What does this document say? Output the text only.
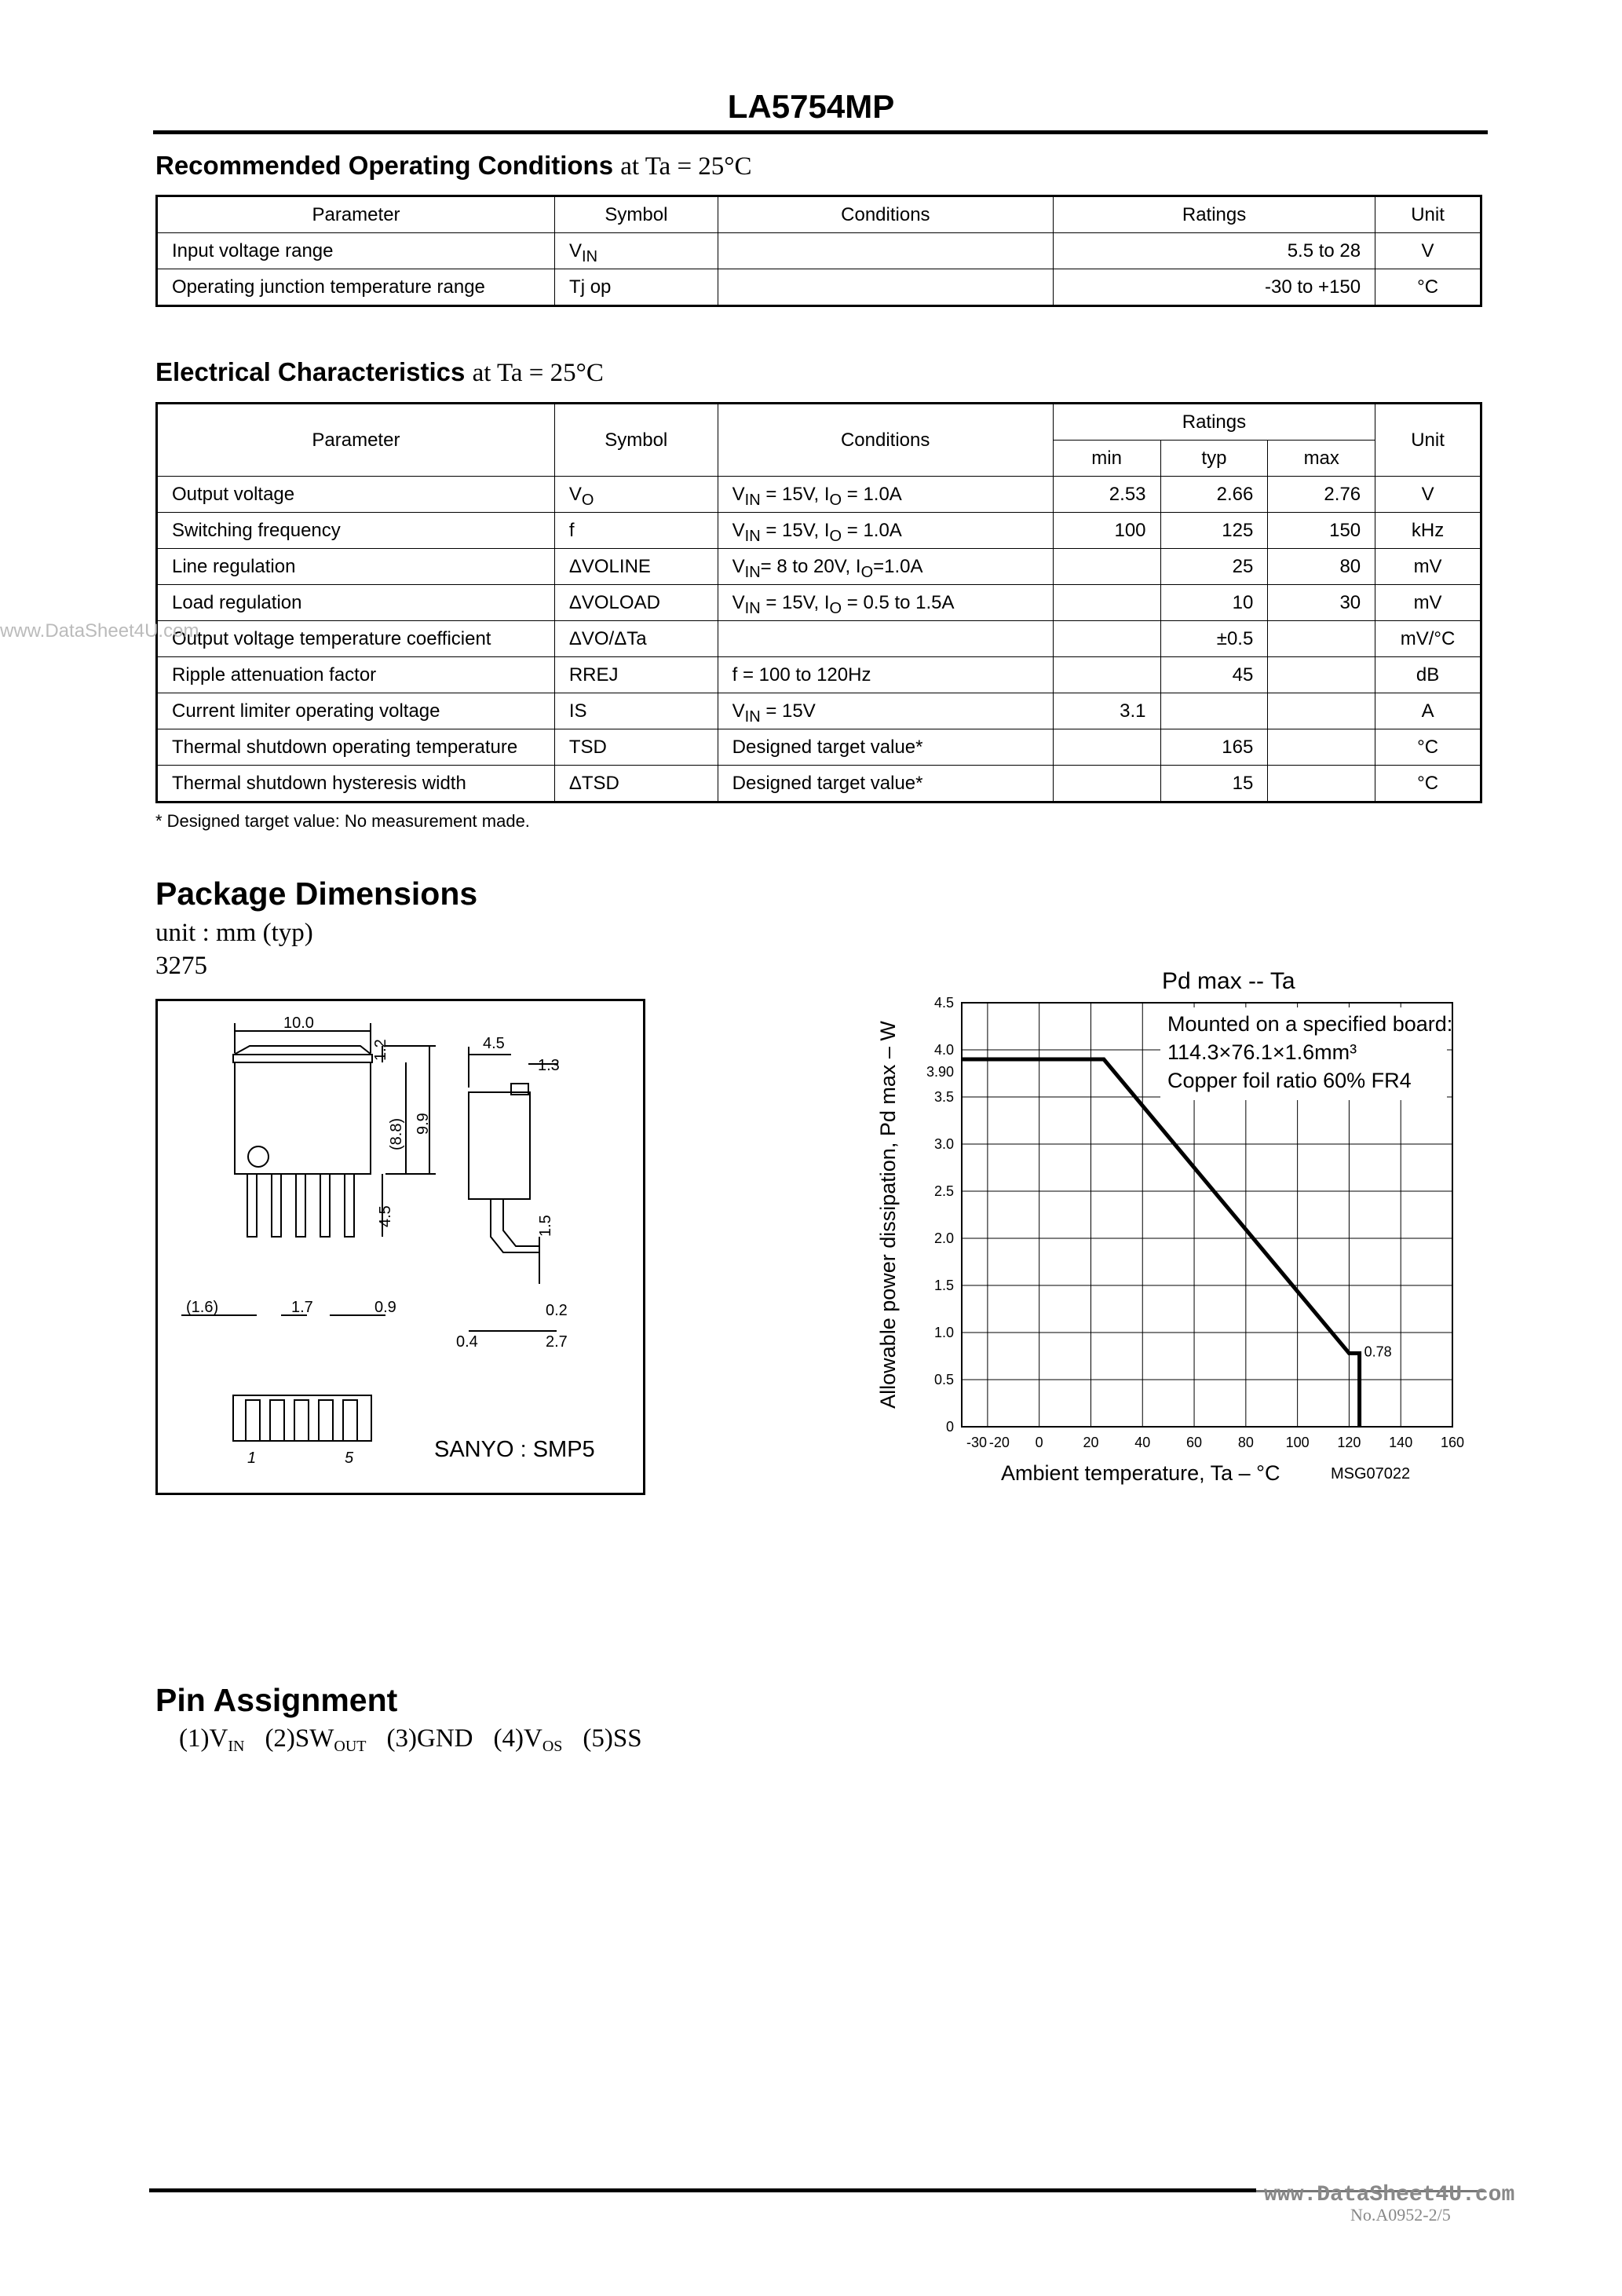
LA5754MP
Recommended Operating Conditions at Ta = 25°C
Parameter	Symbol	Conditions	Ratings	Unit
Input voltage range	$V_{IN}$		5.5 to 28	V
Operating junction temperature range	Tj op		-30 to +150	°C
Electrical Characteristics at Ta = 25°C
Parameter	Symbol	Conditions	Ratings			Unit
			min	typ	max	
Output voltage	$V_O$	$V_{IN} = 15V$, $I_O = 1.0A$	2.53	2.66	2.76	V
Switching frequency	f	$V_{IN} = 15V$, $I_O = 1.0A$	100	125	150	kHz
Line regulation	ΔVOLINE	$V_{IN}= 8$ to 20V, $I_O=1.0A$		25	80	mV
Load regulation	ΔVOLOAD	$V_{IN} = 15V$, $I_O = 0.5$ to 1.5A		10	30	mV
Output voltage temperature coefficient	ΔVO/ΔTa			±0.5		mV/°C
Ripple attenuation factor	RREJ	f = 100 to 120Hz		45		dB
Current limiter operating voltage	IS	$V_{IN} = 15V$	3.1			A
Thermal shutdown operating temperature	TSD	Designed target value*		165		°C
Thermal shutdown hysteresis width	ΔTSD	Designed target value*		15		°C
* Designed target value: No measurement made.
www.DataSheet4U.com
Package Dimensions
unit : mm (typ)
3275
10.0
1.2
(8.8) 9.9
4.5
(1.6)	1.7	0.9
4.5
1.3
1.5
0.2
0.4	2.7
1	5	SANYO : SMP5
Pd max -- Ta
-30 -20 0	20	40	60	80 100 120 140 160
0
0.5
1.0
1.5
2.0
2.5
3.0
3.5
4.0
4.5
3.90
0.78
Mounted on a specified board:
114.3×76.1×1.6mm³
Copper foil ratio 60% FR4
Ambient temperature, Ta – °C
Allowable power dissipation, Pd max – W
MSG07022
Pin Assignment
$(1)V_{IN}$ $(2)SW_{OUT}$ (3)GND $(4)V_{OS}$ (5)SS
www.DataSheet4U.com
No.A0952-2/5
